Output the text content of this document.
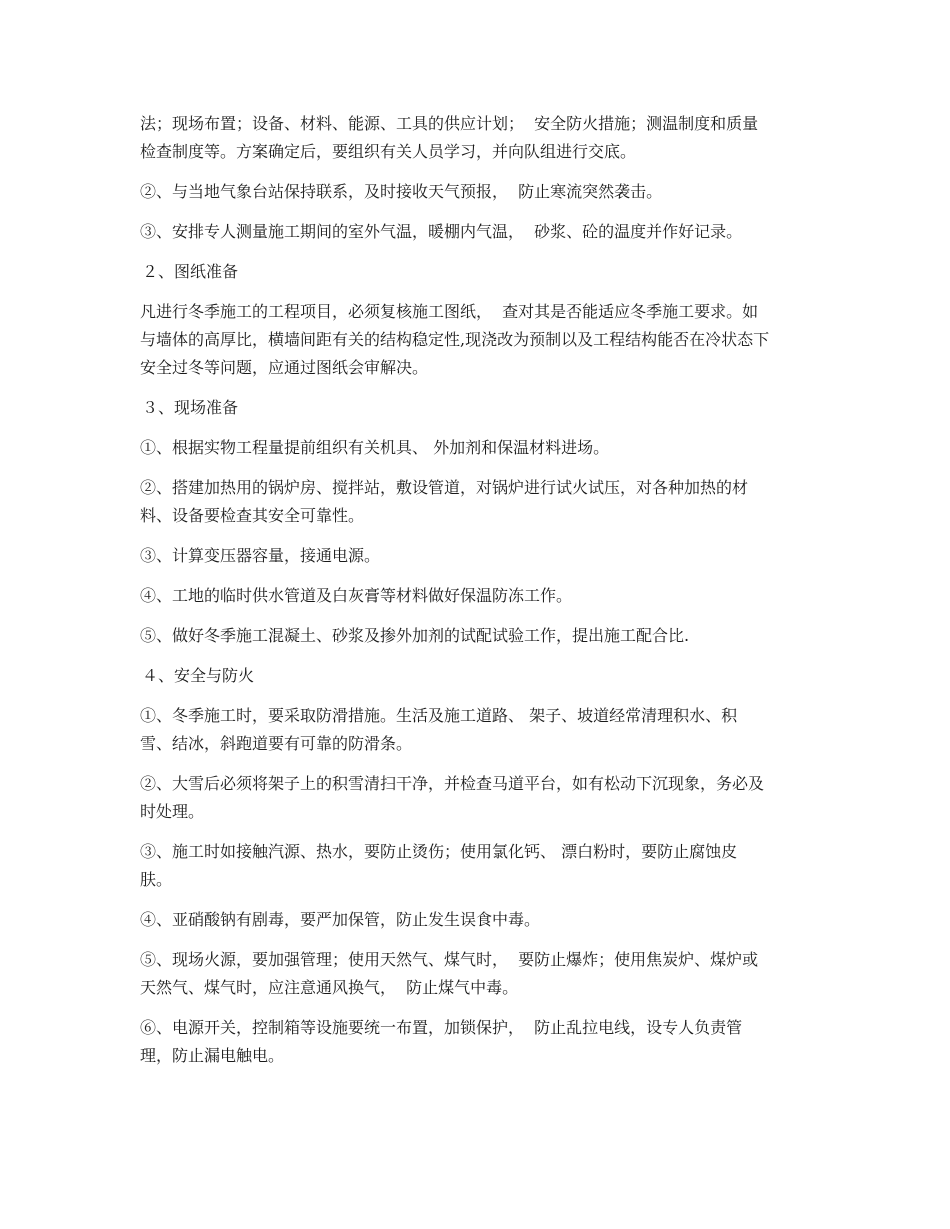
法；现场布置；设备、材料、能源、工具的供应计划；  安全防火措施；测温制度和质量
检查制度等。方案确定后，要组织有关人员学习，并向队组进行交底。
②、与当地气象台站保持联系，及时接收天气预报，  防止寒流突然袭击。
③、安排专人测量施工期间的室外气温，暖棚内气温，  砂浆、砼的温度并作好记录。
２、图纸准备
凡进行冬季施工的工程项目，必须复核施工图纸，  查对其是否能适应冬季施工要求。如
与墙体的高厚比，横墙间距有关的结构稳定性,现浇改为预制以及工程结构能否在冷状态下
安全过冬等问题，应通过图纸会审解决。
３、现场准备
①、根据实物工程量提前组织有关机具、 外加剂和保温材料进场。
②、搭建加热用的锅炉房、搅拌站，敷设管道，对锅炉进行试火试压，对各种加热的材
料、设备要检查其安全可靠性。
③、计算变压器容量，接通电源。
④、工地的临时供水管道及白灰膏等材料做好保温防冻工作。
⑤、做好冬季施工混凝土、砂浆及掺外加剂的试配试验工作，提出施工配合比.
４、安全与防火
①、冬季施工时，要采取防滑措施。生活及施工道路、 架子、坡道经常清理积水、积
雪、结冰，斜跑道要有可靠的防滑条。
②、大雪后必须将架子上的积雪清扫干净，并检查马道平台，如有松动下沉现象，务必及
时处理。
③、施工时如接触汽源、热水，要防止烫伤；使用氯化钙、 漂白粉时，要防止腐蚀皮
肤。
④、亚硝酸钠有剧毒，要严加保管，防止发生误食中毒。
⑤、现场火源，要加强管理；使用天然气、煤气时，  要防止爆炸；使用焦炭炉、煤炉或
天然气、煤气时，应注意通风换气，  防止煤气中毒。
⑥、电源开关，控制箱等设施要统一布置，加锁保护，  防止乱拉电线，设专人负责管
理，防止漏电触电。
